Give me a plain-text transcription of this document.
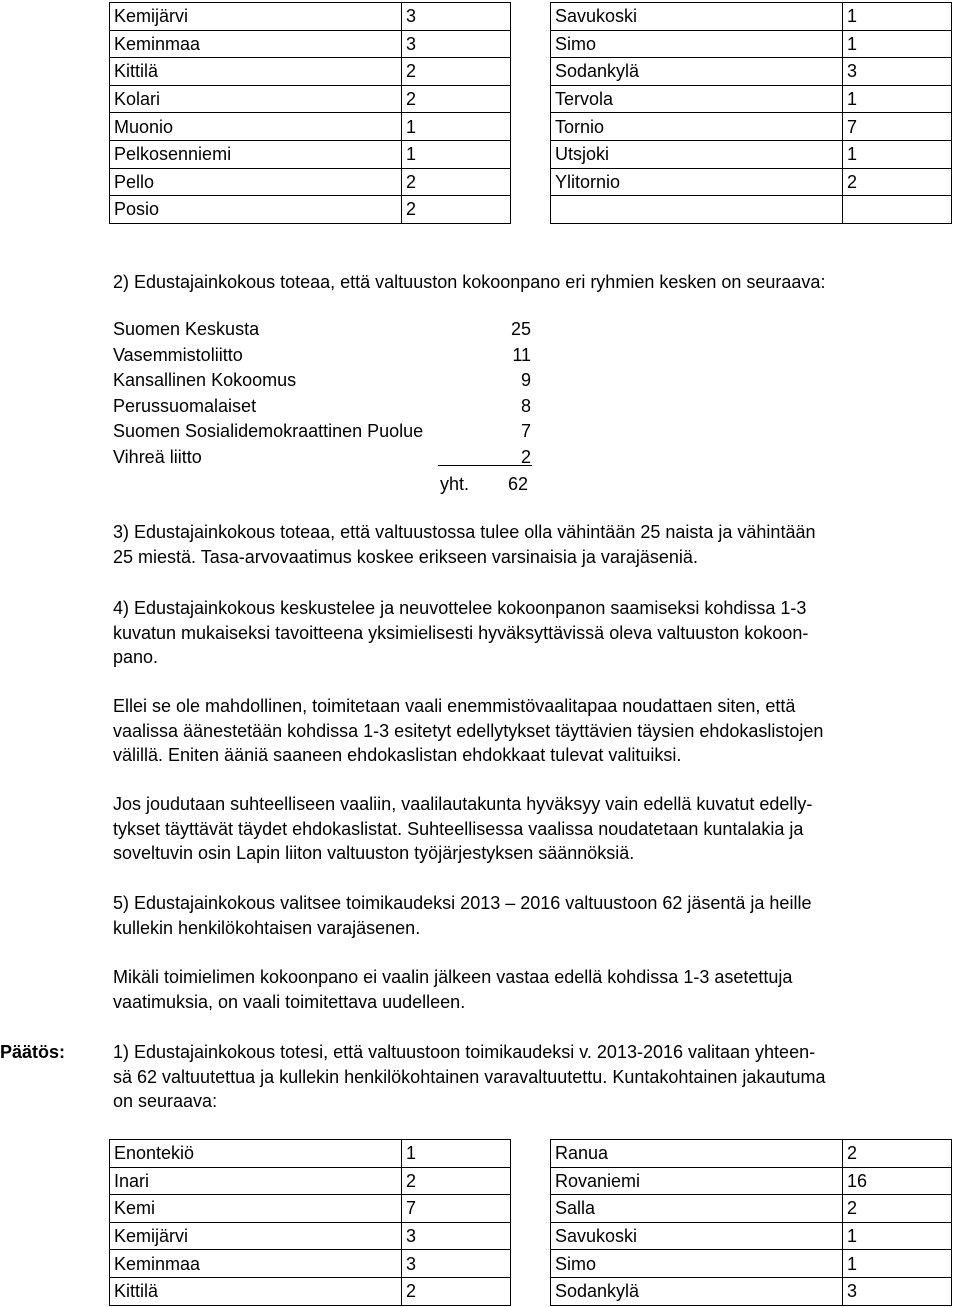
Kemijärvi	3
Keminmaa	3
Kittilä	2
Kolari	2
Muonio	1
Pelkosenniemi	1
Pello	2
Posio	2
Savukoski	1
Simo	1
Sodankylä	3
Tervola	1
Tornio	7
Utsjoki	1
Ylitornio	2

2) Edustajainkokous toteaa, että valtuuston kokoonpano eri ryhmien kesken on seuraava:

Suomen Keskusta	25
Vasemmistoliitto	11
Kansallinen Kokoomus	9
Perussuomalaiset	8
Suomen Sosialidemokraattinen Puolue	7
Vihreä liitto	2
yht. 62
3) Edustajainkokous toteaa, että valtuustossa tulee olla vähintään 25 naista ja vähintään
25 miestä. Tasa-arvovaatimus koskee erikseen varsinaisia ja varajäseniä.
4) Edustajainkokous keskustelee ja neuvottelee kokoonpanon saamiseksi kohdissa 1-3
kuvatun mukaiseksi tavoitteena yksimielisesti hyväksyttävissä oleva valtuuston kokoon-
pano.
Ellei se ole mahdollinen, toimitetaan vaali enemmistövaalitapaa noudattaen siten, että
vaalissa äänestetään kohdissa 1-3 esitetyt edellytykset täyttävien täysien ehdokaslistojen
välillä. Eniten ääniä saaneen ehdokaslistan ehdokkaat tulevat valituiksi.
Jos joudutaan suhteelliseen vaaliin, vaalilautakunta hyväksyy vain edellä kuvatut edelly-
tykset täyttävät täydet ehdokaslistat. Suhteellisessa vaalissa noudatetaan kuntalakia ja
soveltuvin osin Lapin liiton valtuuston työjärjestyksen säännöksiä.
5) Edustajainkokous valitsee toimikaudeksi 2013 – 2016 valtuustoon 62 jäsentä ja heille
kullekin henkilökohtaisen varajäsenen.
Mikäli toimielimen kokoonpano ei vaalin jälkeen vastaa edellä kohdissa 1-3 asetettuja
vaatimuksia, on vaali toimitettava uudelleen.
Päätös:	1) Edustajainkokous totesi, että valtuustoon toimikaudeksi v. 2013-2016 valitaan yhteen-
sä 62 valtuutettua ja kullekin henkilökohtainen varavaltuutettu. Kuntakohtainen jakautuma
on seuraava:
Enontekiö	1
Inari	2
Kemi	7
Kemijärvi	3
Keminmaa	3
Kittilä	2
Ranua	2
Rovaniemi	16
Salla	2
Savukoski	1
Simo	1
Sodankylä	3
